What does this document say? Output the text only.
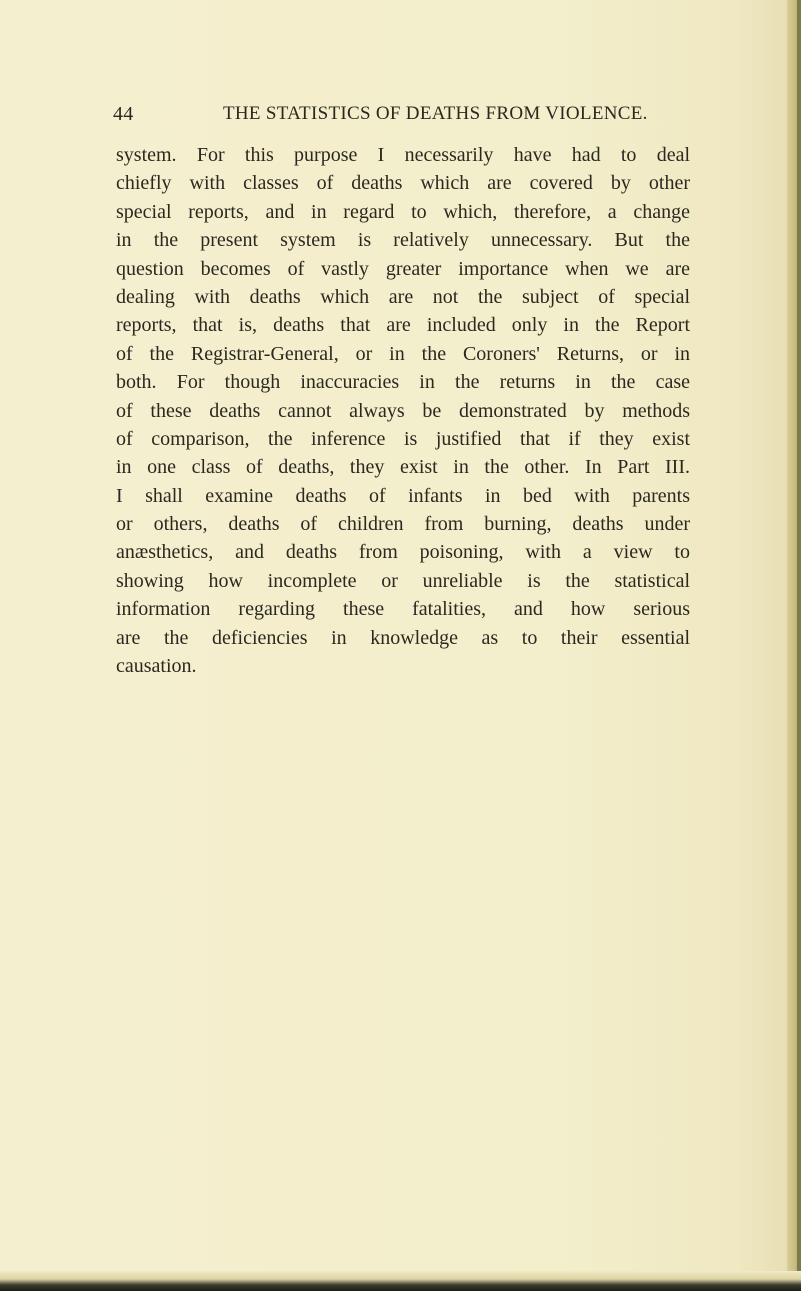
44	THE STATISTICS OF DEATHS FROM VIOLENCE.
system. For this purpose I necessarily have had to deal
chiefly with classes of deaths which are covered by other
special reports, and in regard to which, therefore, a change
in the present system is relatively unnecessary. But the
question becomes of vastly greater importance when we are
dealing with deaths which are not the subject of special
reports, that is, deaths that are included only in the Report
of the Registrar-General, or in the Coroners' Returns, or in
both. For though inaccuracies in the returns in the case
of these deaths cannot always be demonstrated by methods
of comparison, the inference is justified that if they exist
in one class of deaths, they exist in the other. In Part III.
I shall examine deaths of infants in bed with parents
or others, deaths of children from burning, deaths under
anæsthetics, and deaths from poisoning, with a view to
showing how incomplete or unreliable is the statistical
information regarding these fatalities, and how serious
are the deficiencies in knowledge as to their essential
causation.
